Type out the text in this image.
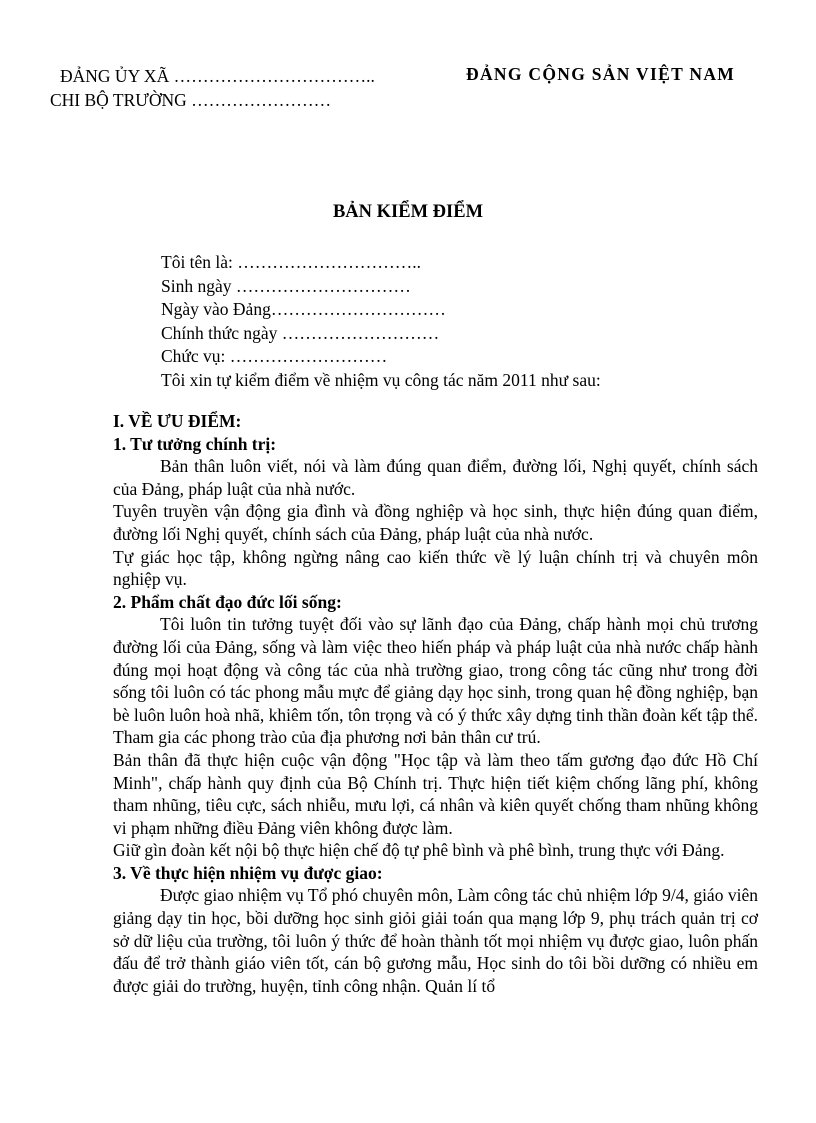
ĐẢNG ỦY XÃ ……………………………..
CHI BỘ TRƯỜNG ……………………
ĐẢNG CỘNG SẢN VIỆT NAM
BẢN KIỂM ĐIỂM
Tôi tên là: …………………………..
Sinh ngày …………………………
Ngày vào Đảng…………………………
Chính thức ngày ………………………
Chức vụ: ………………………
Tôi xin tự kiểm điểm về nhiệm vụ công tác năm 2011 như sau:

I. VỀ ƯU ĐIỂM:

1. Tư tưởng chính trị:

Bản thân luôn viết, nói và làm đúng quan điểm, đường lối, Nghị quyết, chính sách của Đảng, pháp luật của nhà nước.

Tuyên truyền vận động gia đình và đồng nghiệp và học sinh, thực hiện đúng quan điểm, đường lối Nghị quyết, chính sách của Đảng, pháp luật của nhà nước.

Tự giác học tập, không ngừng nâng cao kiến thức về lý luận chính trị và chuyên môn nghiệp vụ.

2. Phẩm chất đạo đức lối sống:

Tôi luôn tin tưởng tuyệt đối vào sự lãnh đạo của Đảng, chấp hành mọi chủ trương đường lối của Đảng, sống và làm việc theo hiến pháp và pháp luật của nhà nước chấp hành đúng mọi hoạt động và công tác của nhà trường giao, trong công tác cũng như trong đời sống tôi luôn có tác phong mẫu mực để giảng dạy học sinh, trong quan hệ đồng nghiệp, bạn bè luôn luôn hoà nhã, khiêm tốn, tôn trọng và có ý thức xây dựng tinh thần đoàn kết tập thể. Tham gia các phong trào của địa phương nơi bản thân cư trú.

Bản thân đã thực hiện cuộc vận động "Học tập và làm theo tấm gương đạo đức Hồ Chí Minh", chấp hành quy định của Bộ Chính trị. Thực hiện tiết kiệm chống lãng phí, không tham nhũng, tiêu cực, sách nhiễu, mưu lợi, cá nhân và kiên quyết chống tham nhũng không vi phạm những điều Đảng viên không được làm.

Giữ gìn đoàn kết nội bộ thực hiện chế độ tự phê bình và phê bình, trung thực với Đảng.

3. Về thực hiện nhiệm vụ được giao:

Được giao nhiệm vụ Tổ phó chuyên môn, Làm công tác chủ nhiệm lớp 9/4, giáo viên giảng dạy tin học, bồi dưỡng học sinh giỏi giải toán qua mạng lớp 9, phụ trách quản trị cơ sở dữ liệu của trường, tôi luôn ý thức để hoàn thành tốt mọi nhiệm vụ được giao, luôn phấn đấu để trở thành giáo viên tốt, cán bộ gương mẫu, Học sinh do tôi bồi dưỡng có nhiều em được giải do trường, huyện, tỉnh công nhận. Quản lí tổ
